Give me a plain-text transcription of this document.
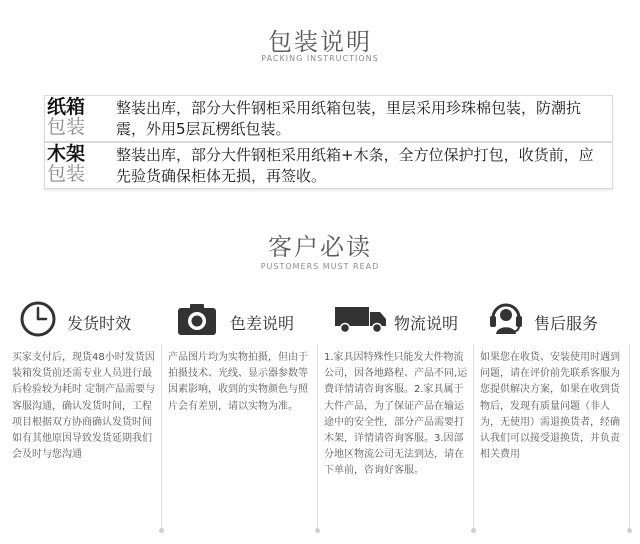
包装说明
PACKING INSTRUCTIONS
纸箱
包装
整装出库，部分大件钢柜采用纸箱包装，里层采用珍珠棉包装，防潮抗震，外用5层瓦楞纸包装。
木架
包装
整装出库，部分大件钢柜采用纸箱+木条，全方位保护打包，收货前，应先验货确保柜体无损，再签收。
客户必读
PUSTOMERS MUST READ
发货时效	色差说明	物流说明	售后服务
买家支付后，现货48小时发货因装箱发货前还需专业人员进行最后检验较为耗时 定制产品需要与客服沟通，确认发货时间，工程项目根据双方协商确认发货时间如有其他原因导致发货延期我们会及时与您沟通
产品图片均为实物拍摄，但由于拍摄技术、光线、显示器参数等因素影响，收到的实物颜色与照片会有差别，请以实物为准。
1.家具因特殊性只能发大件物流公司，因各地路程、产品不同,运费详情请咨询客服。2.家具属于大件产品，为了保证产品在输运途中的安全性，部分产品需要打木架，详情请咨询客服。3.因部分地区物流公司无法到达，请在下单前，咨询好客服。
如果您在收货、安装使用时遇到问题，请在评价前先联系客服为您提供解决方案，如果在收到货物后，发现有质量问题（非人为，无使用）需退换货者，经确认我们可以接受退换货，并负责相关费用
